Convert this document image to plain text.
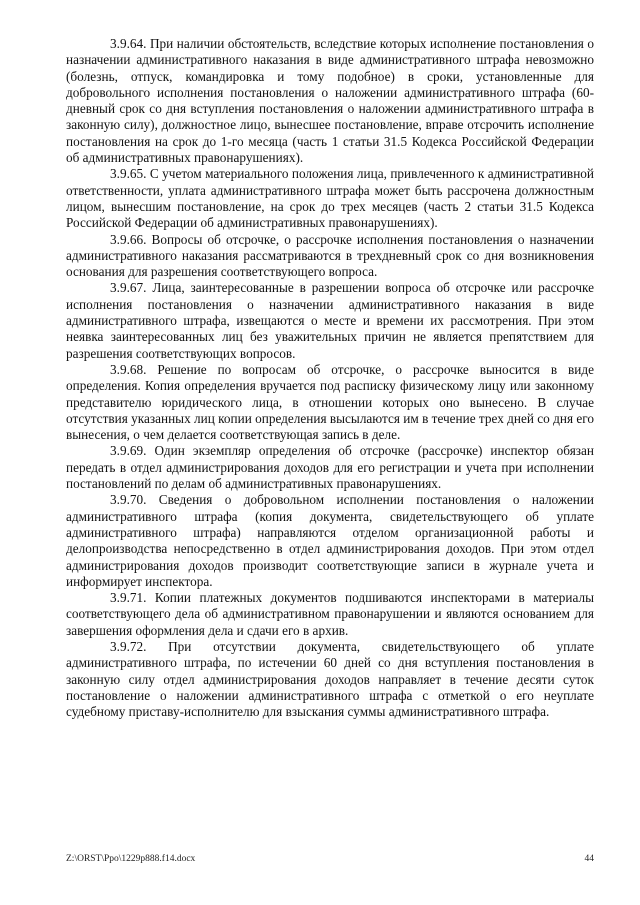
3.9.64. При наличии обстоятельств, вследствие которых исполнение постановления о назначении административного наказания в виде административного штрафа невозможно (болезнь, отпуск, командировка и тому подобное) в сроки, установленные для добровольного исполнения постановления о наложении административного штрафа (60-дневный срок со дня вступления постановления о наложении административного штрафа в законную силу), должностное лицо, вынесшее постановление, вправе отсрочить исполнение постановления на срок до 1-го месяца (часть 1 статьи 31.5 Кодекса Российской Федерации об административных правонарушениях).

3.9.65. С учетом материального положения лица, привлеченного к административной ответственности, уплата административного штрафа может быть рассрочена должностным лицом, вынесшим постановление, на срок до трех месяцев (часть 2 статьи 31.5 Кодекса Российской Федерации об административных правонарушениях).

3.9.66. Вопросы об отсрочке, о рассрочке исполнения постановления о назначении административного наказания рассматриваются в трехдневный срок со дня возникновения основания для разрешения соответствующего вопроса.

3.9.67. Лица, заинтересованные в разрешении вопроса об отсрочке или рассрочке исполнения постановления о назначении административного наказания в виде административного штрафа, извещаются о месте и времени их рассмотрения. При этом неявка заинтересованных лиц без уважительных причин не является препятствием для разрешения соответствующих вопросов.

3.9.68. Решение по вопросам об отсрочке, о рассрочке выносится в виде определения. Копия определения вручается под расписку физическому лицу или законному представителю юридического лица, в отношении которых оно вынесено. В случае отсутствия указанных лиц копии определения высылаются им в течение трех дней со дня его вынесения, о чем делается соответствующая запись в деле.

3.9.69. Один экземпляр определения об отсрочке (рассрочке) инспектор обязан передать в отдел администрирования доходов для его регистрации и учета при исполнении постановлений по делам об административных правонарушениях.

3.9.70. Сведения о добровольном исполнении постановления о наложении административного штрафа (копия документа, свидетельствующего об уплате административного штрафа) направляются отделом организационной работы и делопроизводства непосредственно в отдел администрирования доходов. При этом отдел администрирования доходов производит соответствующие записи в журнале учета и информирует инспектора.

3.9.71. Копии платежных документов подшиваются инспекторами в материалы соответствующего дела об административном правонарушении и являются основанием для завершения оформления дела и сдачи его в архив.

3.9.72. При отсутствии документа, свидетельствующего об уплате административного штрафа, по истечении 60 дней со дня вступления постановления в законную силу отдел администрирования доходов направляет в течение десяти суток постановление о наложении административного штрафа с отметкой о его неуплате судебному приставу-исполнителю для взыскания суммы административного штрафа.

Z:\ORST\Ppo\1229p888.f14.docx	44
